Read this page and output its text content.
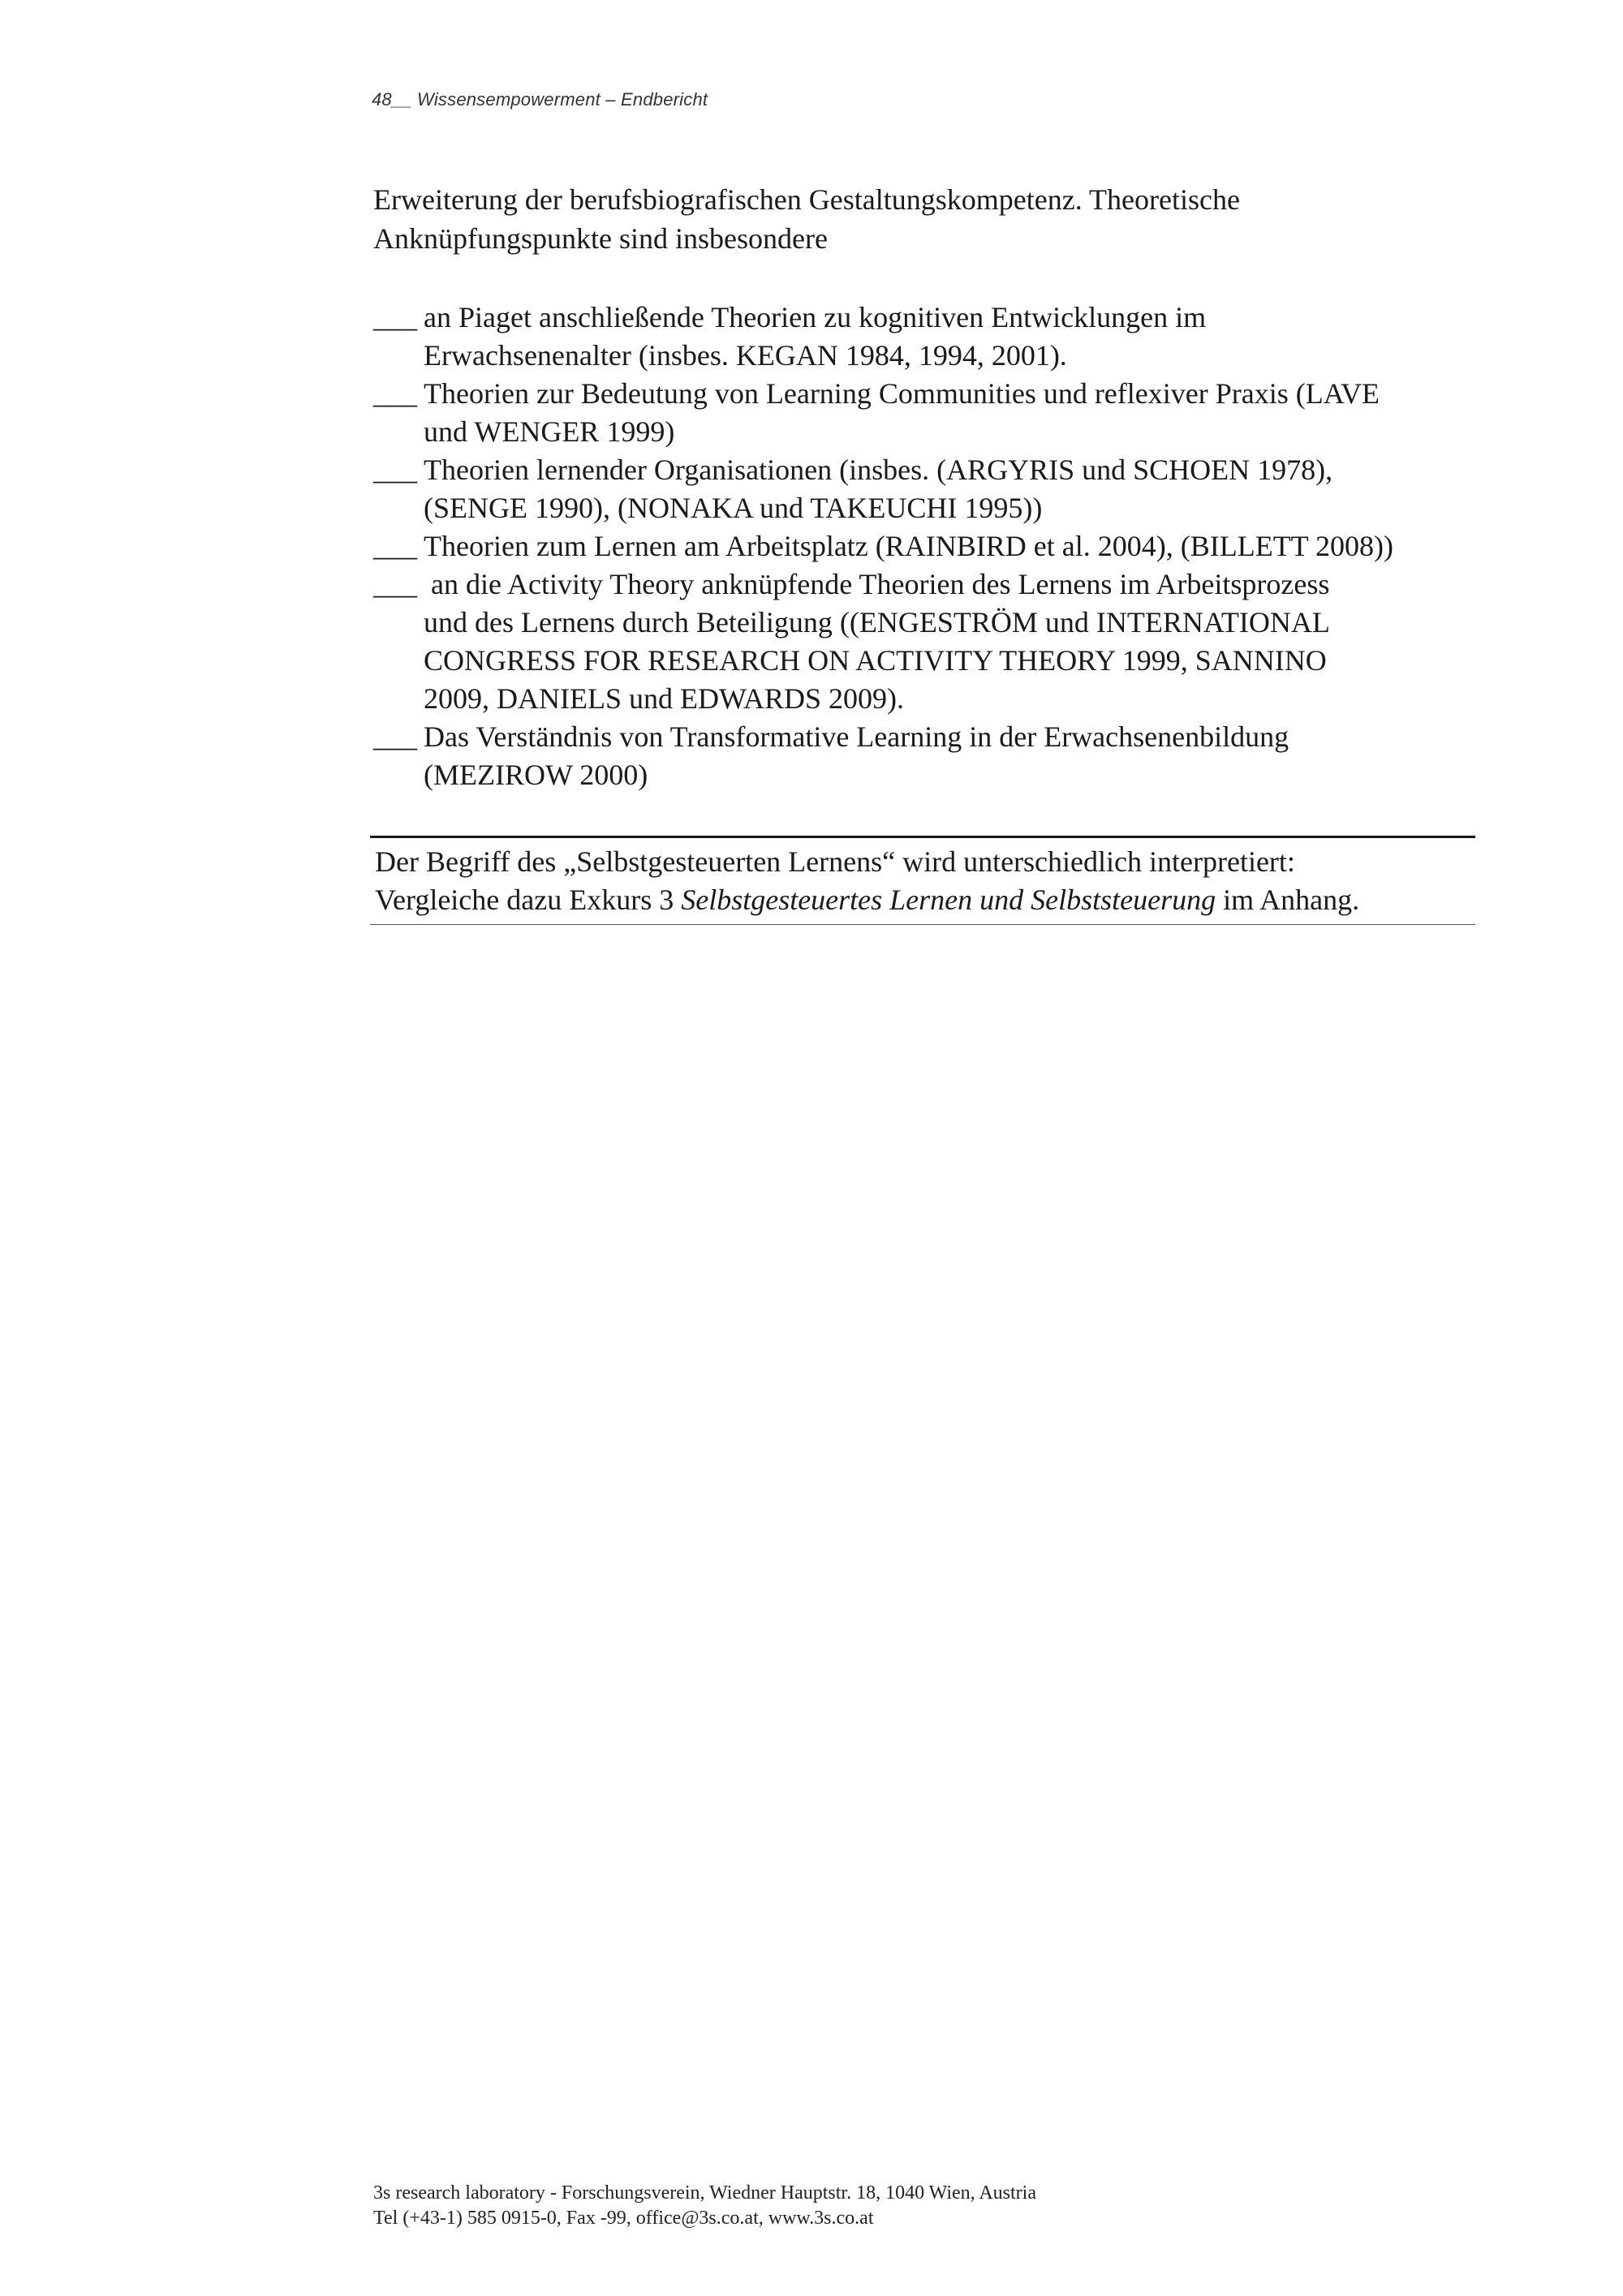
48__ Wissensempowerment – Endbericht
Erweiterung der berufsbiografischen Gestaltungskompetenz. Theoretische
Anknüpfungspunkte sind insbesondere
___ an Piaget anschließende Theorien zu kognitiven Entwicklungen im
Erwachsenenalter (insbes. KEGAN 1984, 1994, 2001).
___ Theorien zur Bedeutung von Learning Communities und reflexiver Praxis (LAVE
und WENGER 1999)
___ Theorien lernender Organisationen (insbes. (ARGYRIS und SCHOEN 1978),
(SENGE 1990), (NONAKA und TAKEUCHI 1995))
___ Theorien zum Lernen am Arbeitsplatz (RAINBIRD et al. 2004), (BILLETT 2008))
___ an die Activity Theory anknüpfende Theorien des Lernens im Arbeitsprozess
und des Lernens durch Beteiligung ((ENGESTRÖM und INTERNATIONAL
CONGRESS FOR RESEARCH ON ACTIVITY THEORY 1999, SANNINO
2009, DANIELS und EDWARDS 2009).
___ Das Verständnis von Transformative Learning in der Erwachsenenbildung
(MEZIROW 2000)
Der Begriff des „Selbstgesteuerten Lernens“ wird unterschiedlich interpretiert:
Vergleiche dazu Exkurs 3 Selbstgesteuertes Lernen und Selbststeuerung im Anhang.
3s research laboratory - Forschungsverein, Wiedner Hauptstr. 18, 1040 Wien, Austria
Tel (+43-1) 585 0915-0, Fax -99, office@3s.co.at, www.3s.co.at
